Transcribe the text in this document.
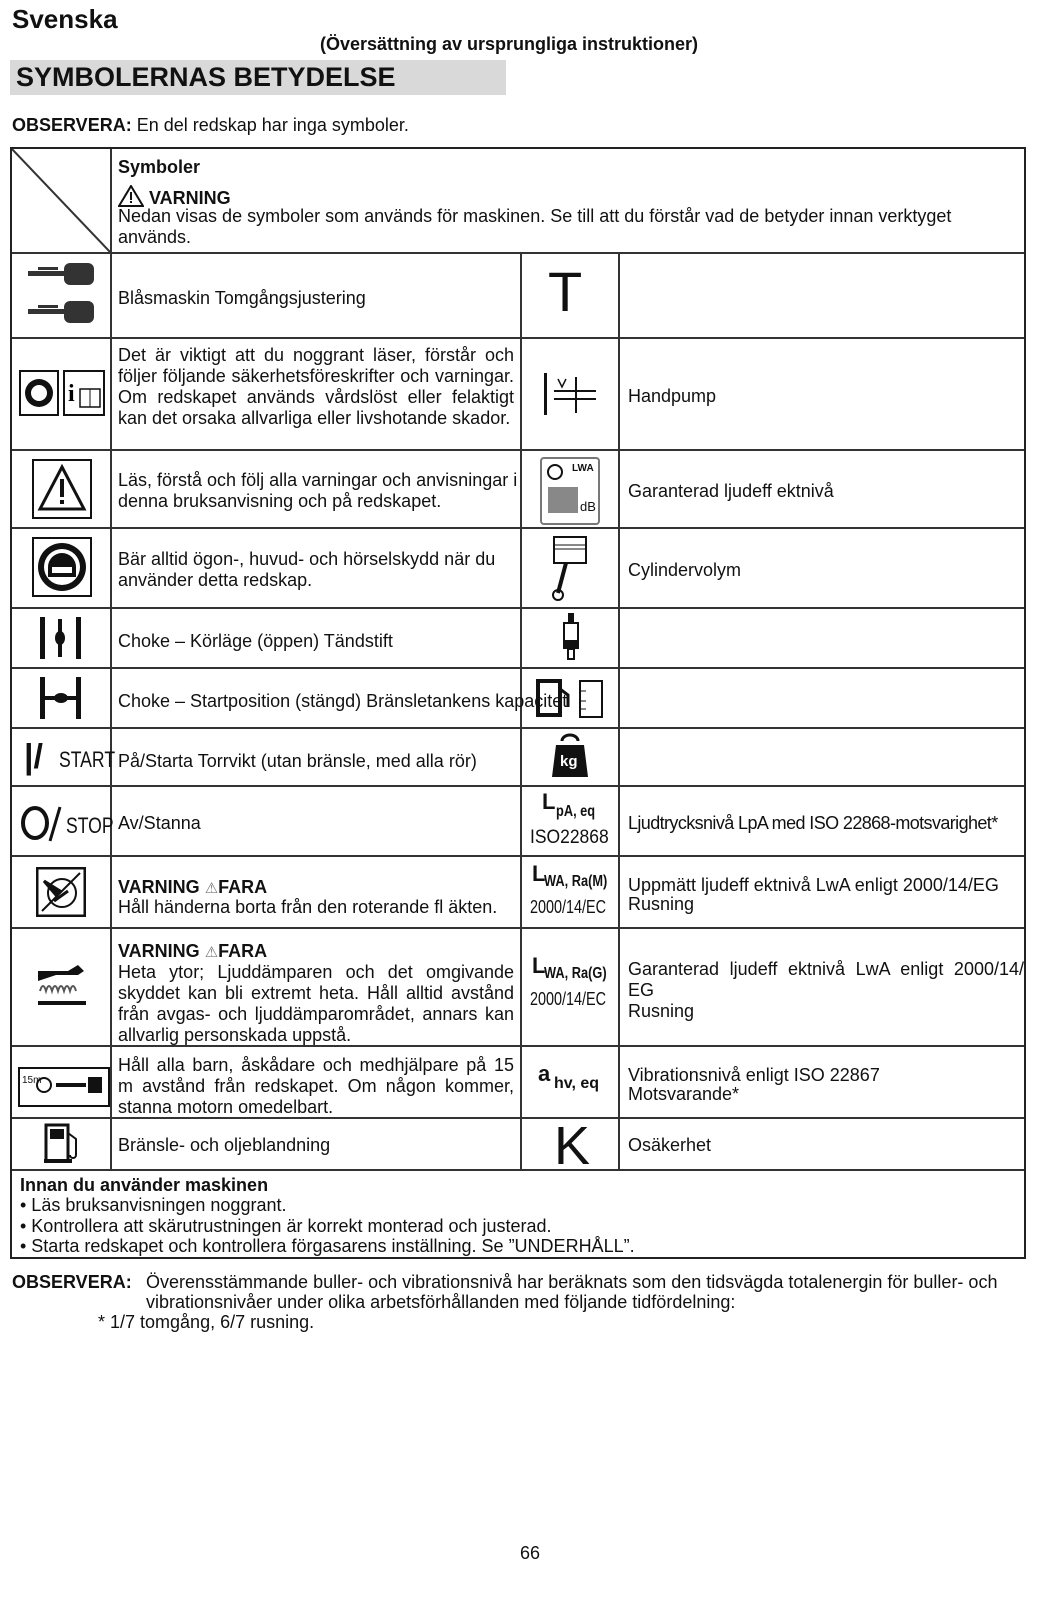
Svenska
(Översättning av ursprungliga instruktioner)
SYMBOLERNAS BETYDELSE
OBSERVERA: En del redskap har inga symboler.
Symboler
VARNING
Nedan visas de symboler som används för maskinen. Se till att du förstår vad de betyder innan verktyget används.
Blåsmaskin Tomgångsjustering
i
Det är viktigt att du noggrant läser, förstår och följer följande säkerhetsföreskrifter och varningar. Om redskapet används vårdslöst eller felaktigt kan det orsaka allvarliga eller livshotande skador.
Läs, förstå och följ alla varningar och anvisningar i denna bruksanvisning och på redskapet.
Bär alltid ögon-, huvud- och hörselskydd när du använder detta redskap.
Choke – Körläge (öppen) Tändstift
Choke – Startposition (stängd) Bränsletankens kapacitet
|/ START På/Starta Torrvikt (utan bränsle, med alla rör)
STOP Av/Stanna
VARNING ⚠FARA
Håll händerna borta från den roterande fl äkten.
VARNING ⚠FARA
Heta ytor; Ljuddämparen och det omgivande skyddet kan bli extremt heta. Håll alltid avstånd från avgas- och ljuddämparområdet, annars kan allvarlig personskada uppstå.
15m
Håll alla barn, åskådare och medhjälpare på 15 m avstånd från redskapet. Om någon kommer, stanna motorn omedelbart.
Bränsle- och oljeblandning
T
Handpump
LWA
dB
Garanterad ljudeff ektnivå
Cylindervolym
kg
L pA, eq
ISO22868
Ljudtrycksnivå LpA med ISO 22868-motsvarighet*
L
WA, Ra(M)
2000/14/EC
Uppmätt ljudeff ektnivå LwA enligt 2000/14/EG
Rusning
L
WA, Ra(G)
2000/14/EC
Garanterad ljudeff ektnivå LwA enligt 2000/14/ EG
Rusning
a hv, eq Vibrationsnivå enligt ISO 22867
Motsvarande*
K Osäkerhet
Innan du använder maskinen
• Läs bruksanvisningen noggrant.
• Kontrollera att skärutrustningen är korrekt monterad och justerad.
• Starta redskapet och kontrollera förgasarens inställning. Se ”UNDERHÅLL”.
OBSERVERA: Överensstämmande buller- och vibrationsnivå har beräknats som den tidsvägda totalenergin för buller- och vibrationsnivåer under olika arbetsförhållanden med följande tidfördelning:
* 1/7 tomgång, 6/7 rusning.
66
